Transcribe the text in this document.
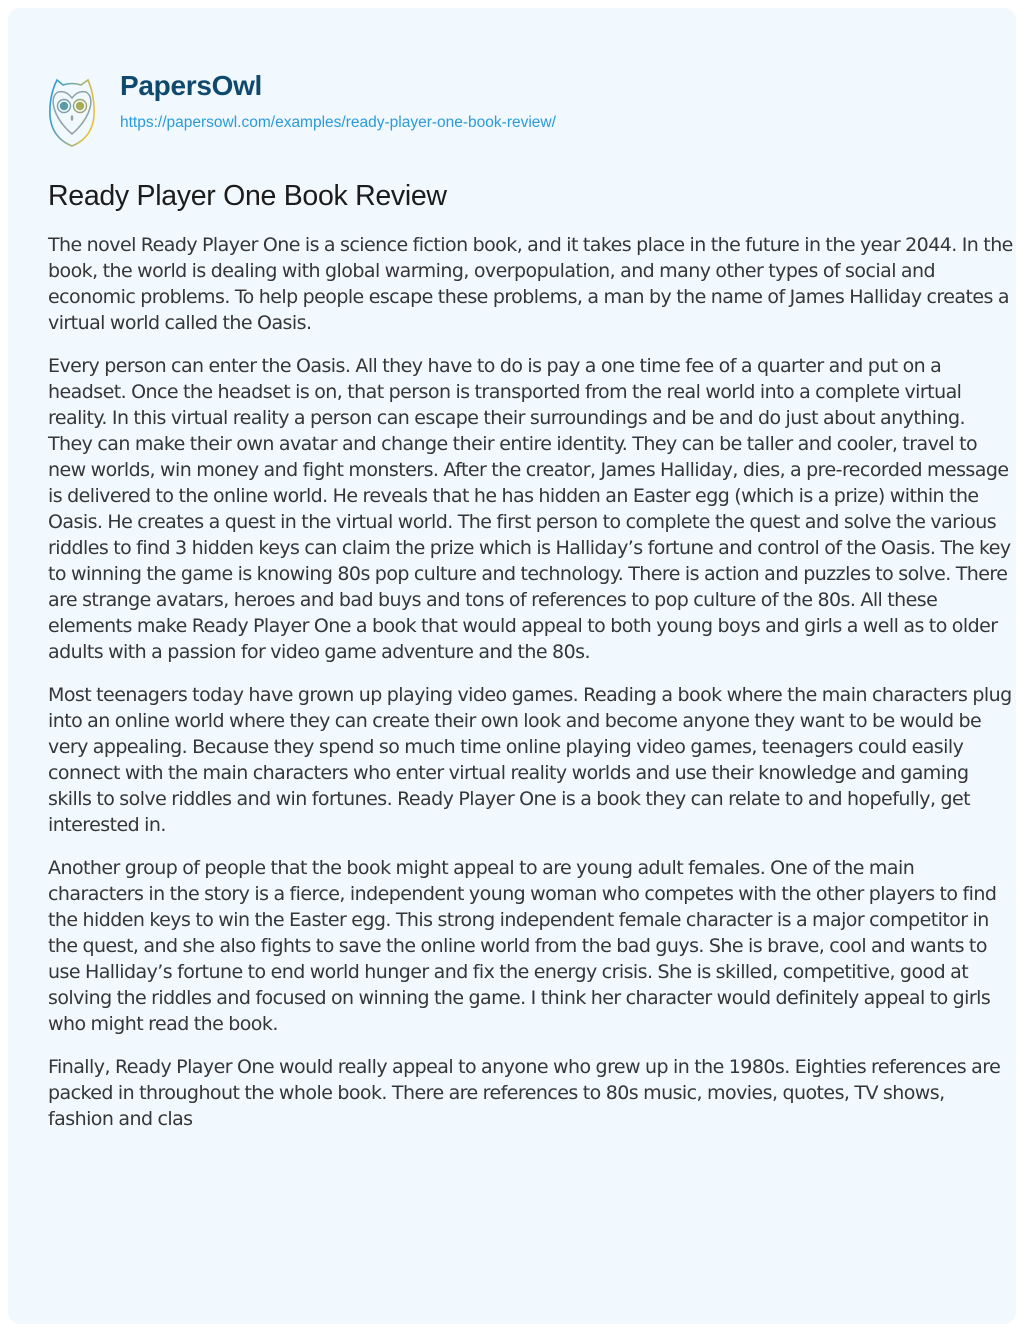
PapersOwl
https://papersowl.com/examples/ready-player-one-book-review/
Ready Player One Book Review

The novel Ready Player One is a science fiction book, and it takes place in the future in the year 2044. In the book, the world is dealing with global warming, overpopulation, and many other types of social and economic problems. To help people escape these problems, a man by the name of James Halliday creates a virtual world called the Oasis.

Every person can enter the Oasis. All they have to do is pay a one time fee of a quarter and put on a headset. Once the headset is on, that person is transported from the real world into a complete virtual reality. In this virtual reality a person can escape their surroundings and be and do just about anything. They can make their own avatar and change their entire identity. They can be taller and cooler, travel to new worlds, win money and fight monsters. After the creator, James Halliday, dies, a pre-recorded message is delivered to the online world. He reveals that he has hidden an Easter egg (which is a prize) within the Oasis. He creates a quest in the virtual world. The first person to complete the quest and solve the various riddles to find 3 hidden keys can claim the prize which is Halliday’s fortune and control of the Oasis. The key to winning the game is knowing 80s pop culture and technology. There is action and puzzles to solve. There are strange avatars, heroes and bad buys and tons of references to pop culture of the 80s. All these elements make Ready Player One a book that would appeal to both young boys and girls a well as to older adults with a passion for video game adventure and the 80s.

Most teenagers today have grown up playing video games. Reading a book where the main characters plug into an online world where they can create their own look and become anyone they want to be would be very appealing. Because they spend so much time online playing video games, teenagers could easily connect with the main characters who enter virtual reality worlds and use their knowledge and gaming skills to solve riddles and win fortunes. Ready Player One is a book they can relate to and hopefully, get interested in.

Another group of people that the book might appeal to are young adult females. One of the main characters in the story is a fierce, independent young woman who competes with the other players to find the hidden keys to win the Easter egg. This strong independent female character is a major competitor in the quest, and she also fights to save the online world from the bad guys. She is brave, cool and wants to use Halliday’s fortune to end world hunger and fix the energy crisis. She is skilled, competitive, good at solving the riddles and focused on winning the game. I think her character would definitely appeal to girls who might read the book.

Finally, Ready Player One would really appeal to anyone who grew up in the 1980s. Eighties references are packed in throughout the whole book. There are references to 80s music, movies, quotes, TV shows, fashion and clas
